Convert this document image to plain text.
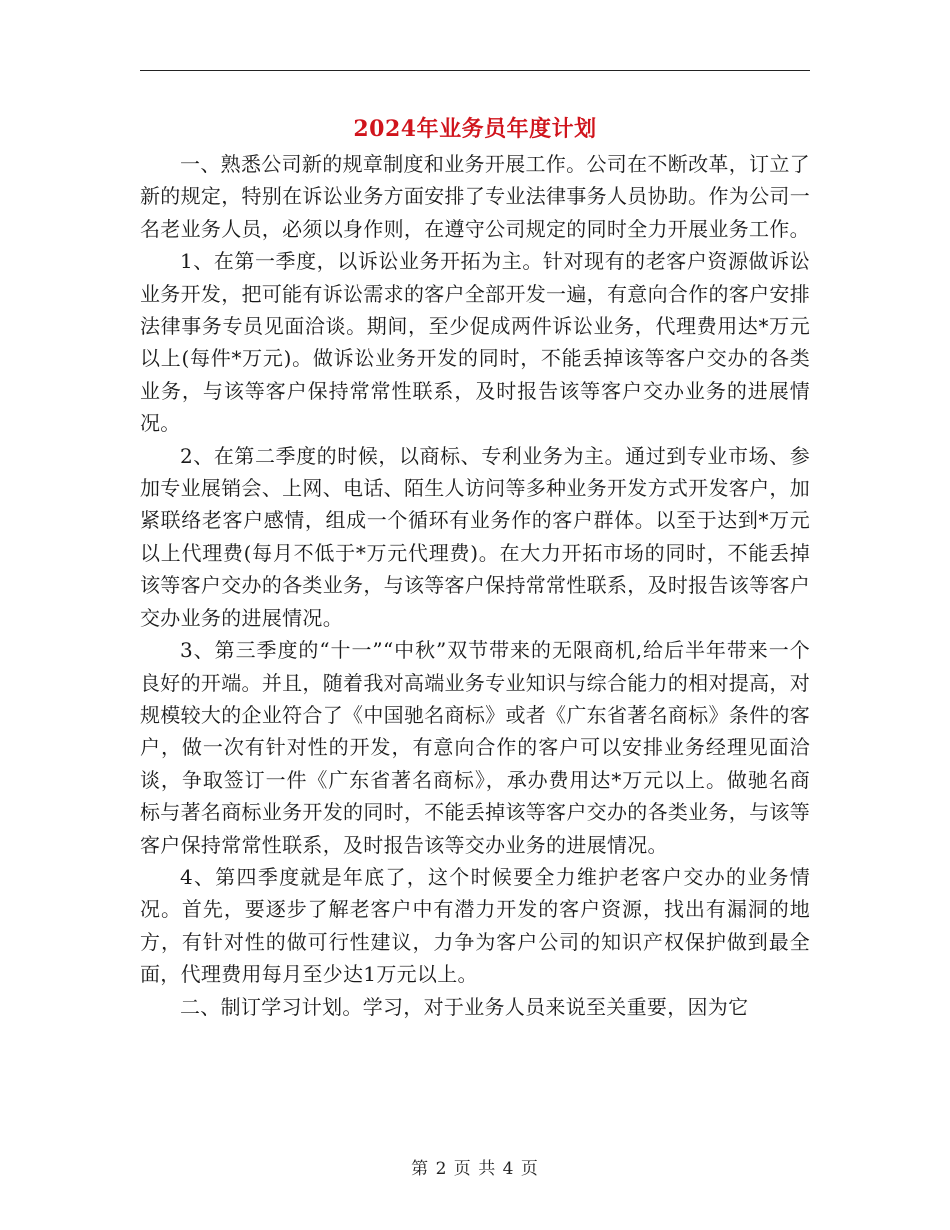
2024年业务员年度计划

一、熟悉公司新的规章制度和业务开展工作。公司在不断改革，订立了新的规定，特别在诉讼业务方面安排了专业法律事务人员协助。作为公司一名老业务人员，必须以身作则，在遵守公司规定的同时全力开展业务工作。

1、在第一季度，以诉讼业务开拓为主。针对现有的老客户资源做诉讼业务开发，把可能有诉讼需求的客户全部开发一遍，有意向合作的客户安排法律事务专员见面洽谈。期间，至少促成两件诉讼业务，代理费用达*万元以上(每件*万元)。做诉讼业务开发的同时，不能丢掉该等客户交办的各类业务，与该等客户保持常常性联系，及时报告该等客户交办业务的进展情况。

2、在第二季度的时候，以商标、专利业务为主。通过到专业市场、参加专业展销会、上网、电话、陌生人访问等多种业务开发方式开发客户，加紧联络老客户感情，组成一个循环有业务作的客户群体。以至于达到*万元以上代理费(每月不低于*万元代理费)。在大力开拓市场的同时，不能丢掉该等客户交办的各类业务，与该等客户保持常常性联系，及时报告该等客户交办业务的进展情况。

3、第三季度的“十一”“中秋”双节带来的无限商机,给后半年带来一个良好的开端。并且，随着我对高端业务专业知识与综合能力的相对提高，对规模较大的企业符合了《中国驰名商标》或者《广东省著名商标》条件的客户，做一次有针对性的开发，有意向合作的客户可以安排业务经理见面洽谈，争取签订一件《广东省著名商标》，承办费用达*万元以上。做驰名商标与著名商标业务开发的同时，不能丢掉该等客户交办的各类业务，与该等客户保持常常性联系，及时报告该等交办业务的进展情况。

4、第四季度就是年底了，这个时候要全力维护老客户交办的业务情况。首先，要逐步了解老客户中有潜力开发的客户资源，找出有漏洞的地方，有针对性的做可行性建议，力争为客户公司的知识产权保护做到最全面，代理费用每月至少达1万元以上。

二、制订学习计划。学习，对于业务人员来说至关重要，因为它

第 2 页 共 4 页
